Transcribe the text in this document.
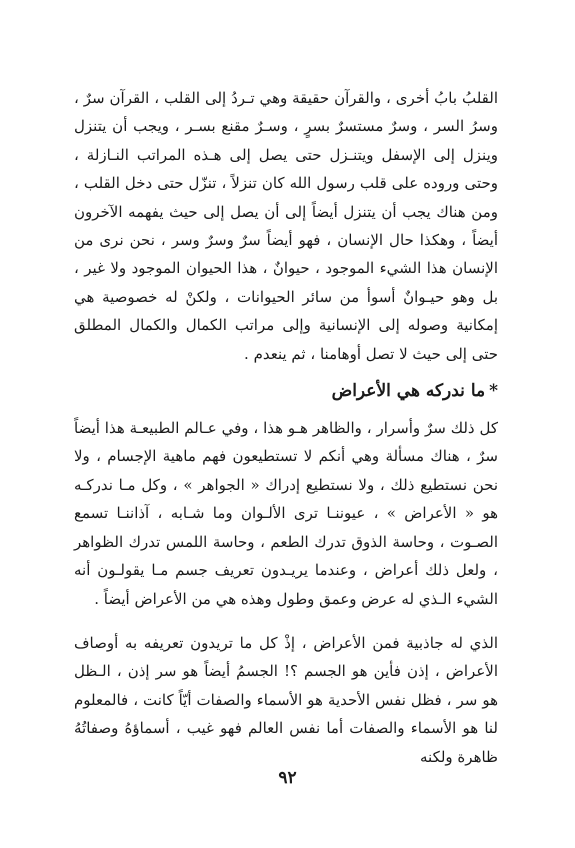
القلبُ بابُ أخرى ، والقرآن حقيقة وهي تـردُ إلى القلب ، القرآن سرٌ ، وسرُ السر ، وسرٌ مستسرٌ بسرٍ ، وسـرٌ مقنع بسـر ، ويجب أن يتنزل وينزل إلى الإسفل ويتنـزل حتى يصل إلى هـذه المراتب النـازلة ، وحتى وروده على قلب رسول الله كان تنزلاً ، تنزّل حتى دخل القلب ، ومن هناك يجب أن يتنزل أيضاً إلى أن يصل إلى حيث يفهمه الآخرون أيضاً ، وهكذا حال الإنسان ، فهو أيضاً سرٌ وسرٌ وسر ، نحن نرى من الإنسان هذا الشيء الموجود ، حيوانٌ ، هذا الحيوان الموجود ولا غير ، بل وهو حيـوانٌ أسوأ من سائر الحيوانات ، ولكنْ له خصوصية هي إمكانية وصوله إلى الإنسانية وإلى مراتب الكمال والكمال المطلق حتى إلى حيث لا تصل أوهامنا ، ثم ينعدم .

*ما ندركه هي الأعراض

كل ذلك سرٌ وأسرار ، والظاهر هـو هذا ، وفي عـالم الطبيعـة هذا أيضاً سرٌ ، هناك مسألة وهي أنكم لا تستطيعون فهم ماهية الإجسام ، ولا نحن نستطيع ذلك ، ولا نستطيع إدراك « الجواهر » ، وكل مـا ندركـه هو « الأعراض » ، عيوننـا ترى الألـوان وما شـابه ، آذاننـا تسمع الصـوت ، وحاسة الذوق تدرك الطعم ، وحاسة اللمس تدرك الظواهر ، ولعل ذلك أعراض ، وعندما يريـدون تعريف جسم مـا يقولـون أنه الشيء الـذي له عرض وعمق وطول وهذه هي من الأعراض أيضاً .

الذي له جاذبية فمن الأعراض ، إذْ كل ما تريدون تعريفه به أوصاف الأعراض ، إذن فأين هو الجسم ؟! الجسمُ أيضاً هو سر إذن ، الـظل هو سر ، فظل نفس الأحدية هو الأسماء والصفات أيّاً كانت ، فالمعلوم لنا هو الأسماء والصفات أما نفس العالم فهو غيب ، أسماؤهُ وصفاتُهُ ظاهرة ولكنه

٩٢
